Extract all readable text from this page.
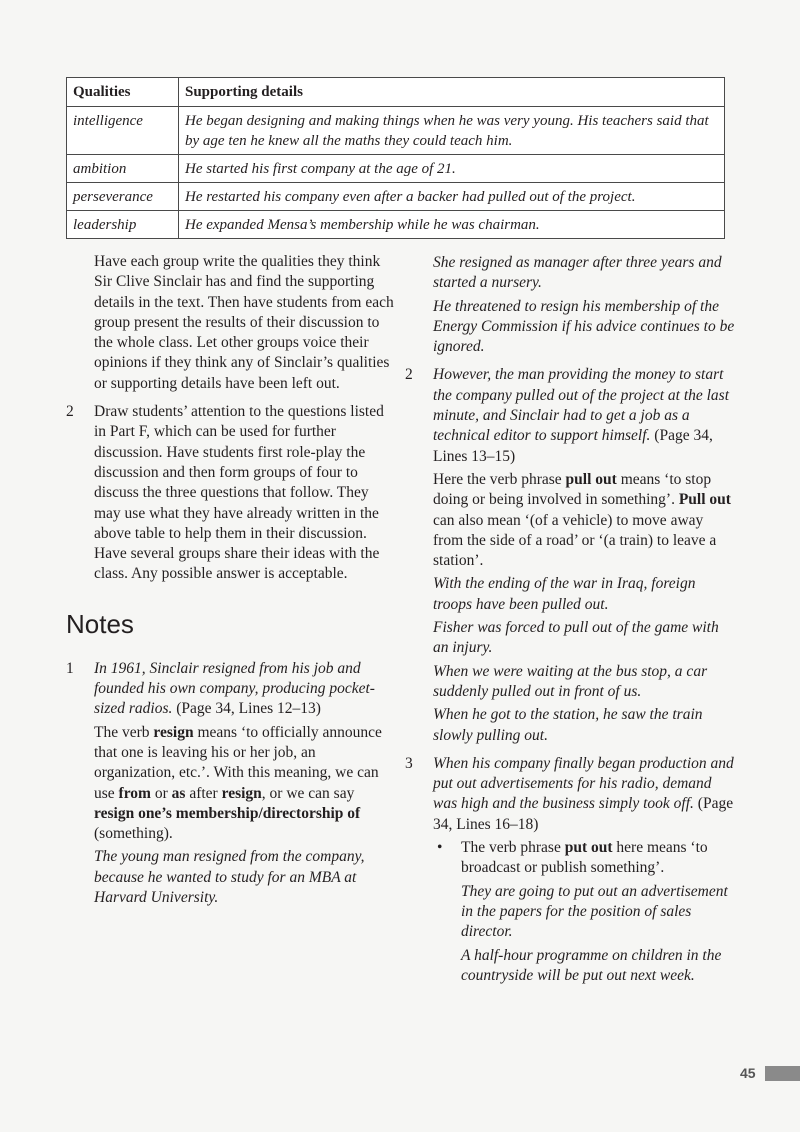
Qualities	Supporting details
intelligence	He began designing and making things when he was very young. His teachers said that by age ten he knew all the maths they could teach him.
ambition	He started his first company at the age of 21.
perseverance	He restarted his company even after a backer had pulled out of the project.
leadership	He expanded Mensa’s membership while he was chairman.

Have each group write the qualities they think Sir Clive Sinclair has and find the supporting details in the text. Then have students from each group present the results of their discussion to the whole class. Let other groups voice their opinions if they think any of Sinclair’s qualities or supporting details have been left out.

2	Draw students’ attention to the questions listed in Part F, which can be used for further discussion. Have students first role-play the discussion and then form groups of four to discuss the three questions that follow. They may use what they have already written in the above table to help them in their discussion. Have several groups share their ideas with the class. Any possible answer is acceptable.
Notes
1	In 1961, Sinclair resigned from his job and founded his own company, producing pocket-sized radios. (Page 34, Lines 12–13)

The verb resign means ‘to officially announce that one is leaving his or her job, an organization, etc.’. With this meaning, we can use from or as after resign, or we can say resign one’s membership/directorship of (something).

The young man resigned from the company, because he wanted to study for an MBA at Harvard University.

She resigned as manager after three years and started a nursery.

He threatened to resign his membership of the Energy Commission if his advice continues to be ignored.

2	However, the man providing the money to start the company pulled out of the project at the last minute, and Sinclair had to get a job as a technical editor to support himself. (Page 34, Lines 13–15)

Here the verb phrase pull out means ‘to stop doing or being involved in something’. Pull out can also mean ‘(of a vehicle) to move away from the side of a road’ or ‘(a train) to leave a station’.

With the ending of the war in Iraq, foreign troops have been pulled out.

Fisher was forced to pull out of the game with an injury.

When we were waiting at the bus stop, a car suddenly pulled out in front of us.

When he got to the station, he saw the train slowly pulling out.

3	When his company finally began production and put out advertisements for his radio, demand was high and the business simply took off. (Page 34, Lines 16–18)

•	The verb phrase put out here means ‘to broadcast or publish something’.

They are going to put out an advertisement in the papers for the position of sales director.

A half-hour programme on children in the countryside will be put out next week.

45
